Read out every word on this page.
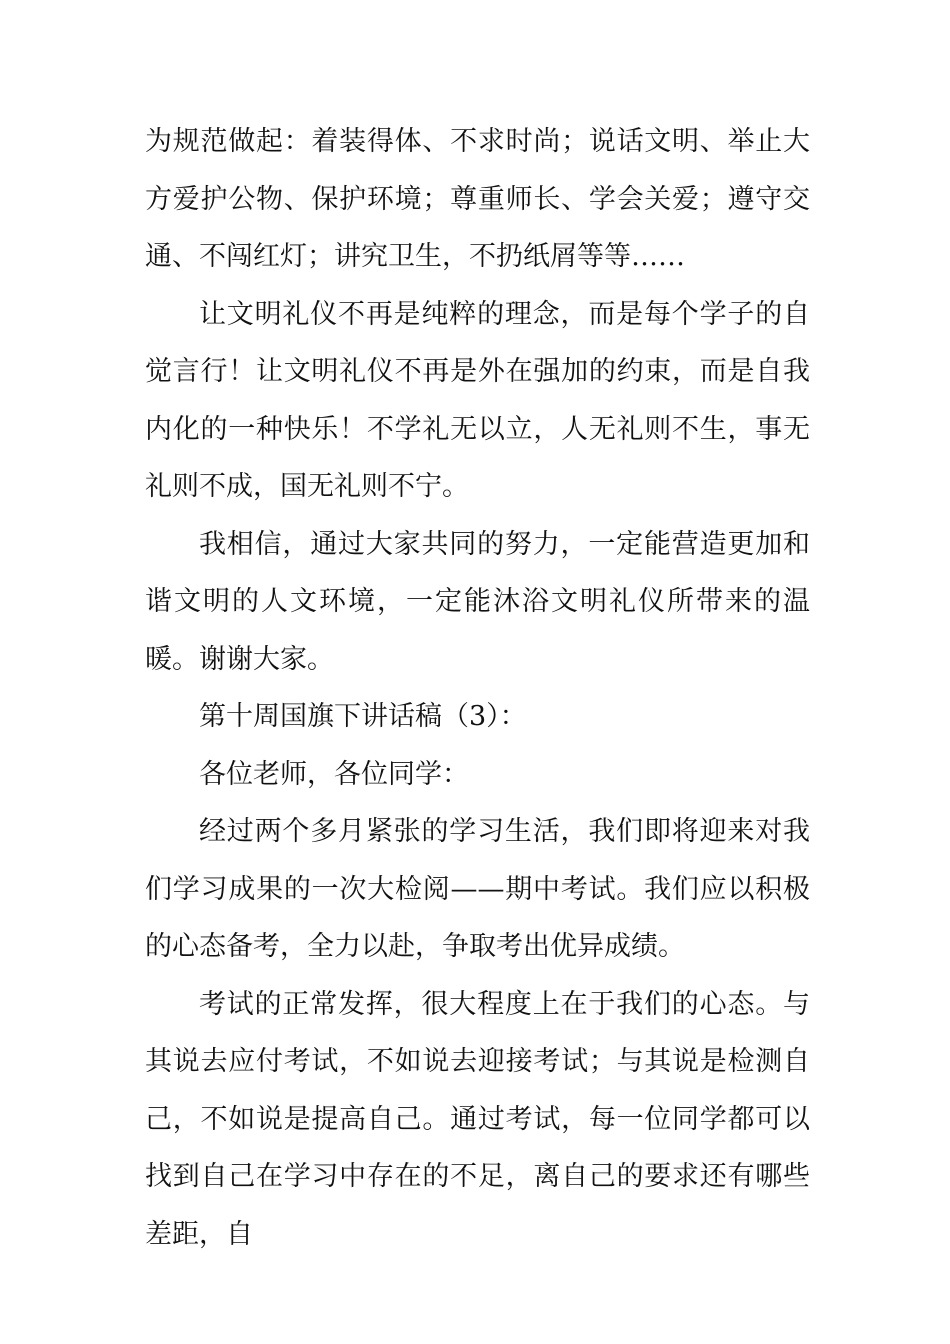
为规范做起：着装得体、不求时尚；说话文明、举止大方爱护公物、保护环境；尊重师长、学会关爱；遵守交通、不闯红灯；讲究卫生，不扔纸屑等等……

让文明礼仪不再是纯粹的理念，而是每个学子的自觉言行！让文明礼仪不再是外在强加的约束，而是自我内化的一种快乐！不学礼无以立，人无礼则不生，事无礼则不成，国无礼则不宁。

我相信，通过大家共同的努力，一定能营造更加和谐文明的人文环境，一定能沐浴文明礼仪所带来的温暖。谢谢大家。

第十周国旗下讲话稿（3）：

各位老师，各位同学：

经过两个多月紧张的学习生活，我们即将迎来对我们学习成果的一次大检阅——期中考试。我们应以积极的心态备考，全力以赴，争取考出优异成绩。

考试的正常发挥，很大程度上在于我们的心态。与其说去应付考试，不如说去迎接考试；与其说是检测自己，不如说是提高自己。通过考试，每一位同学都可以找到自己在学习中存在的不足，离自己的要求还有哪些差距，自
